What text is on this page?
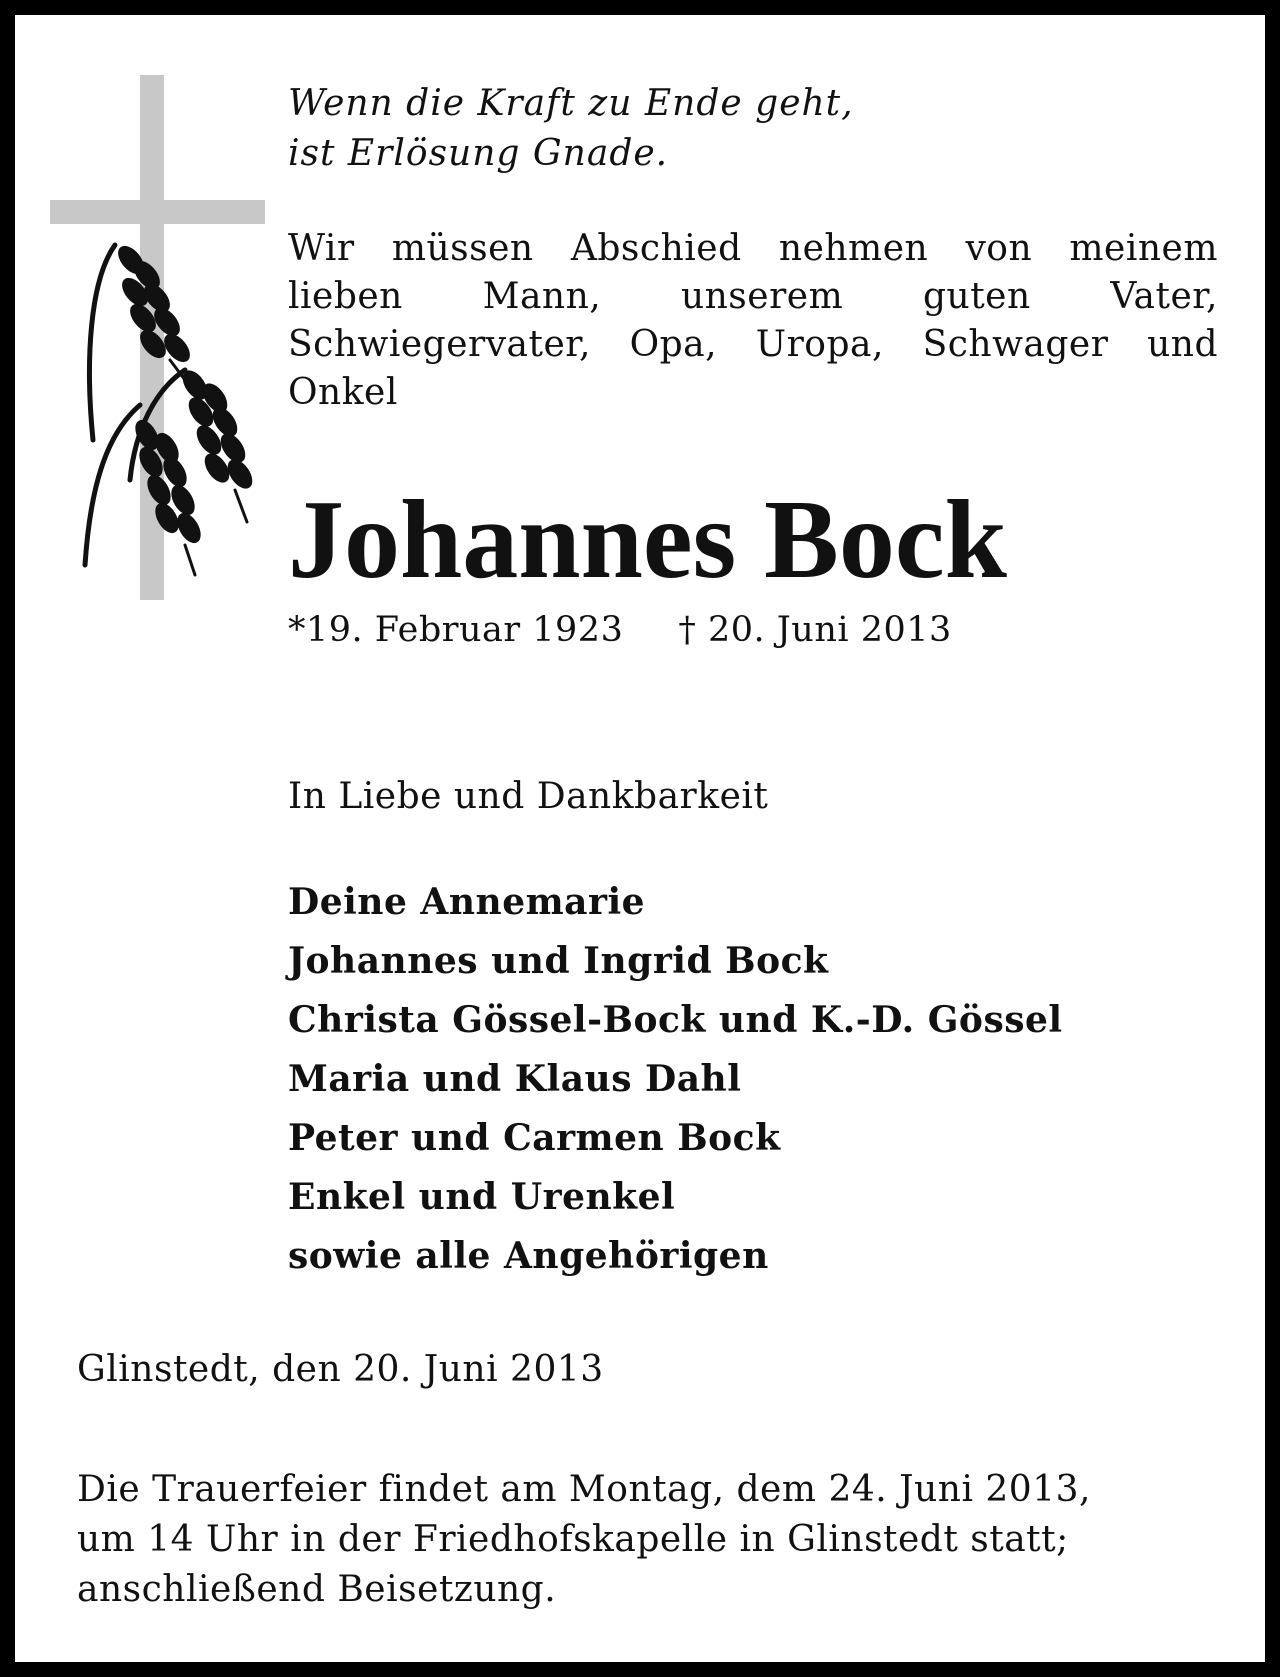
Wenn die Kraft zu Ende geht,
ist Erlösung Gnade.

Wir müssen Abschied nehmen von meinem lieben Mann, unserem guten Vater, Schwiegervater, Opa, Uropa, Schwager und Onkel

Johannes Bock

*19. Februar 1923 † 20. Juni 2013

In Liebe und Dankbarkeit

Deine Annemarie
Johannes und Ingrid Bock
Christa Gössel-Bock und K.-D. Gössel
Maria und Klaus Dahl
Peter und Carmen Bock
Enkel und Urenkel
sowie alle Angehörigen

Glinstedt, den 20. Juni 2013

Die Trauerfeier findet am Montag, dem 24. Juni 2013,
um 14 Uhr in der Friedhofskapelle in Glinstedt statt;
anschließend Beisetzung.
